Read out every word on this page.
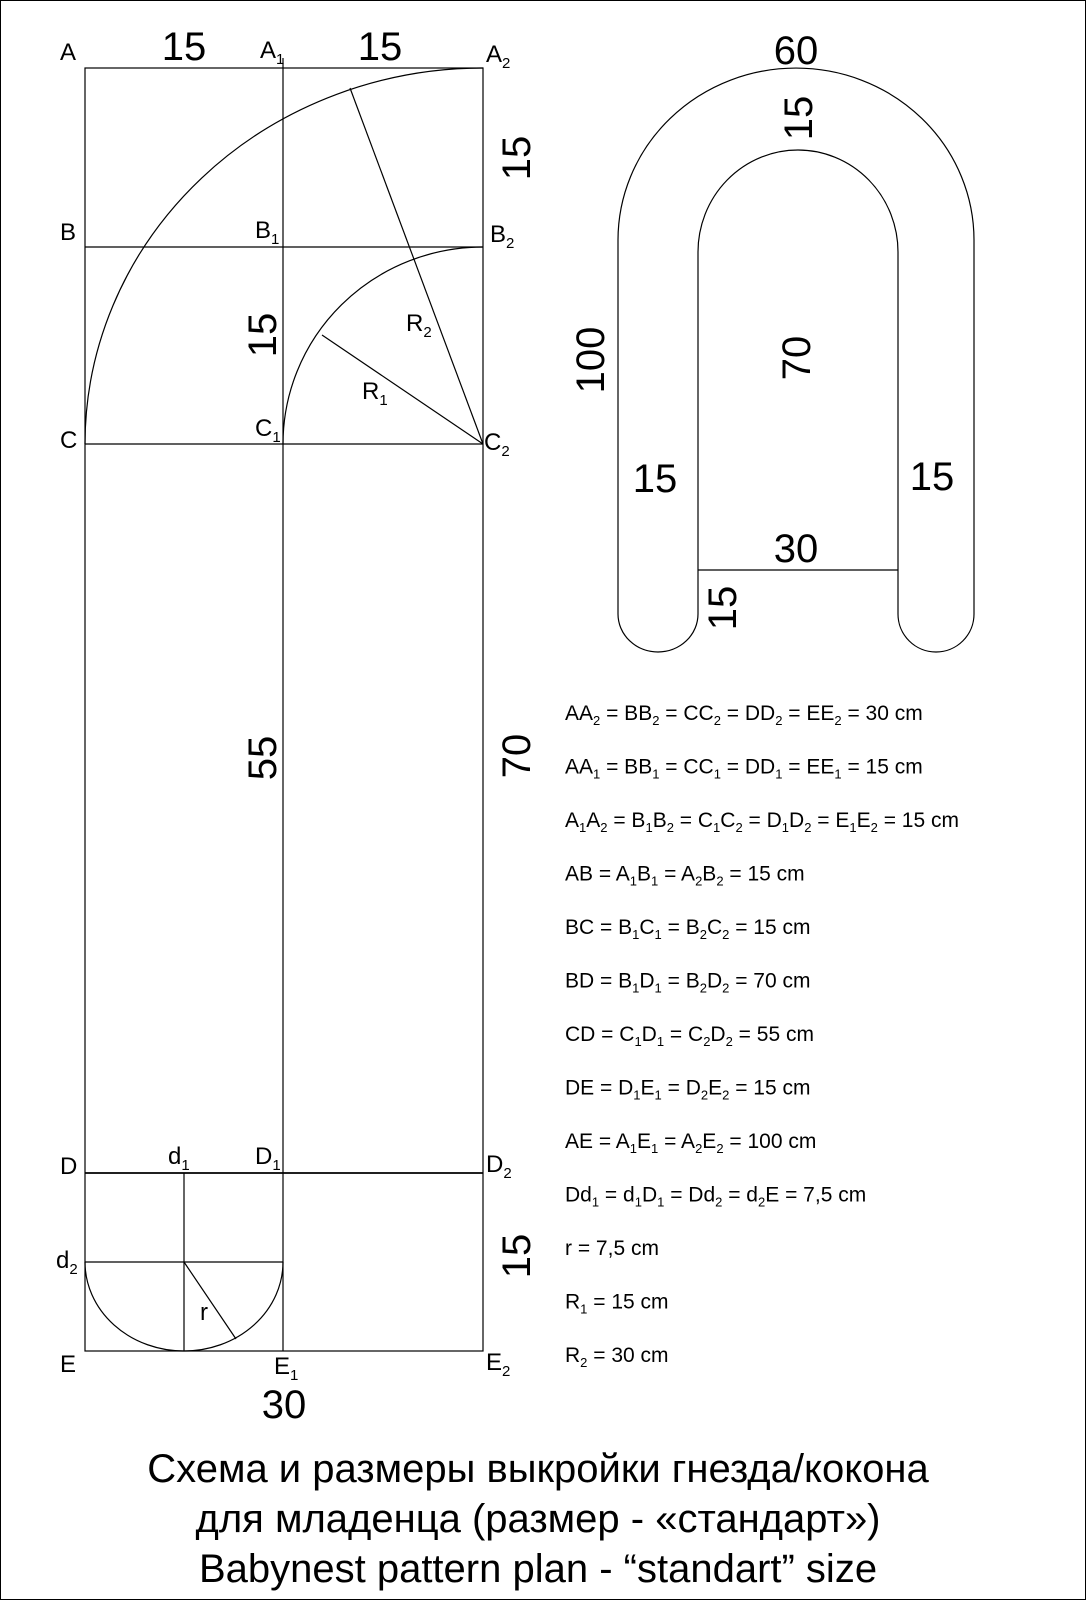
A	$A_1$	$A_2$
B	$B_1$	$B_2$
C	$C_1$	$C_2$
D	$d_1$	$D_1$	$D_2$
$d_2$
E	$E_1$	$E_2$
$R_2$
$R_1$
r
15	15
15
15
55	70
15
30
60
15
100	70
15	15
30
15
$AA_2 = BB_2 = CC_2 = DD_2 = EE_2 = 30$ cm
$AA_1 = BB_1 = CC_1 = DD_1 = EE_1 = 15$ cm
$A_1A_2 = B_1B_2 = C_1C_2 = D_1D_2 = E_1E_2 = 15$ cm
AB = $A_1B_1 = A_2B_2 = 15$ cm
BC = $B_1C_1 = B_2C_2 = 15$ cm
BD = $B_1D_1 = B_2D_2 = 70$ cm
CD = $C_1D_1 = C_2D_2 = 55$ cm
DE = $D_1E_1 = D_2E_2 = 15$ cm
AE = $A_1E_1 = A_2E_2 = 100$ cm
$Dd_1 = d_1D_1 = Dd_2 = d_2E = 7,5$ cm
r = 7,5 cm
$R_1 = 15$ cm
$R_2 = 30$ cm
Схема и размеры выкройки гнезда/кокона
для младенца (размер - «стандарт»)
Babynest pattern plan - “standart” size
